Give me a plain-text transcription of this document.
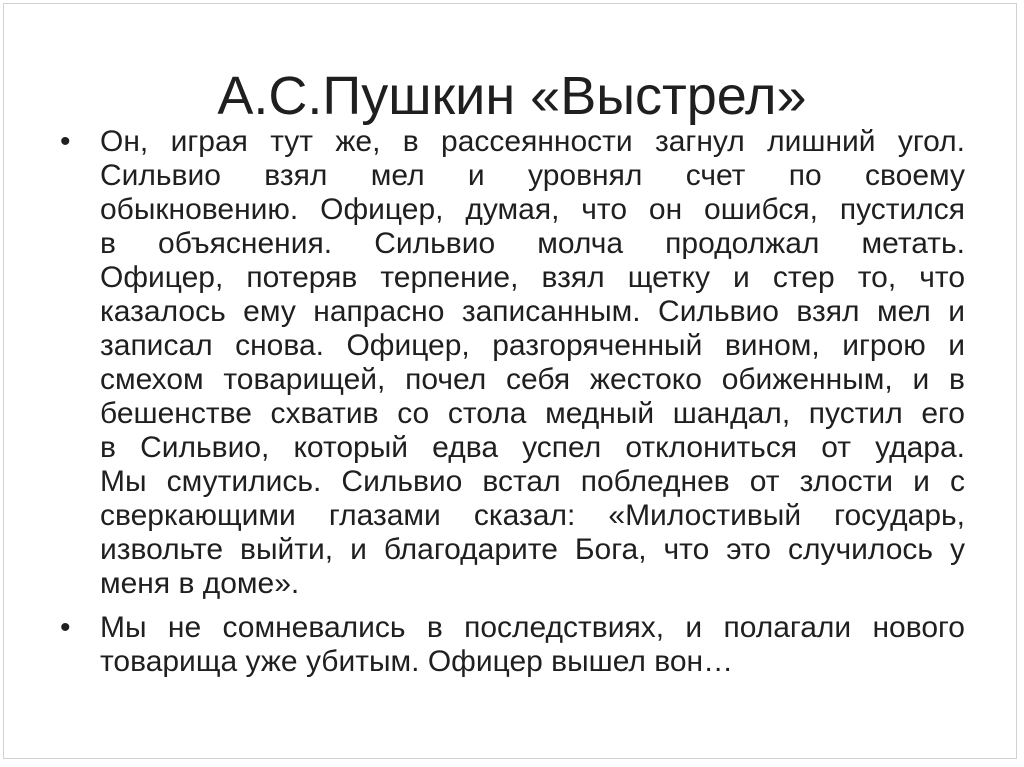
А.С.Пушкин «Выстрел»
• Он, играя тут же, в рассеянности загнул лишний угол.
Сильвио взял мел и уровнял счет по своему
обыкновению. Офицер, думая, что он ошибся, пустился
в объяснения. Сильвио молча продолжал метать.
Офицер, потеряв терпение, взял щетку и стер то, что
казалось ему напрасно записанным. Сильвио взял мел и
записал снова. Офицер, разгоряченный вином, игрою и
смехом товарищей, почел себя жестоко обиженным, и в
бешенстве схватив со стола медный шандал, пустил его
в Сильвио, который едва успел отклониться от удара.
Мы смутились. Сильвио встал побледнев от злости и с
сверкающими глазами сказал: «Милостивый государь,
извольте выйти, и благодарите Бога, что это случилось у
меня в доме».
• Мы не сомневались в последствиях, и полагали нового
товарища уже убитым. Офицер вышел вон…
